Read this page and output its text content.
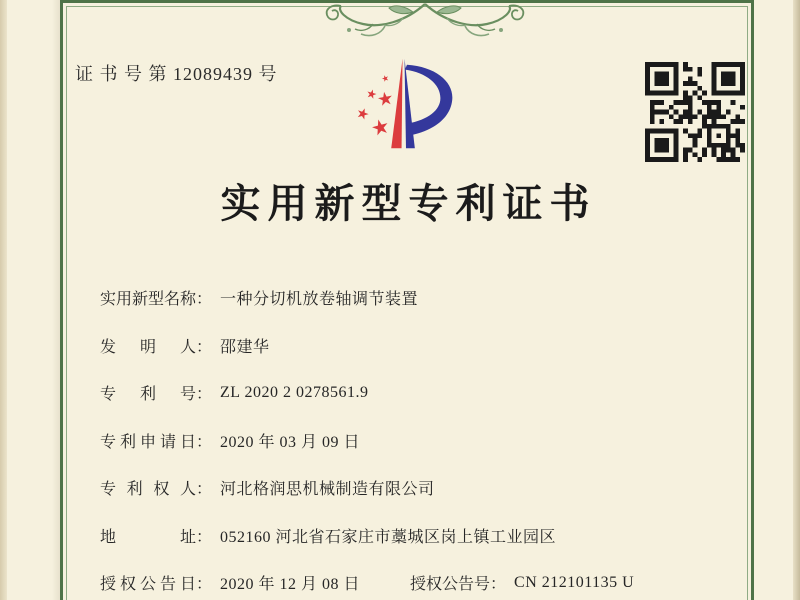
证 书 号 第 12089439 号
实用新型专利证书
实用新型名称 ： 一种分切机放卷轴调节装置
发明人 ： 邵建华
专利号 ： ZL 2020 2 0278561.9
专利申请日 ： 2020 年 03 月 09 日
专利权人 ： 河北格润思机械制造有限公司
地址 ： 052160 河北省石家庄市藁城区岗上镇工业园区
授权公告日 ： 2020 年 12 月 08 日	授权公告号 ： CN 212101135 U
